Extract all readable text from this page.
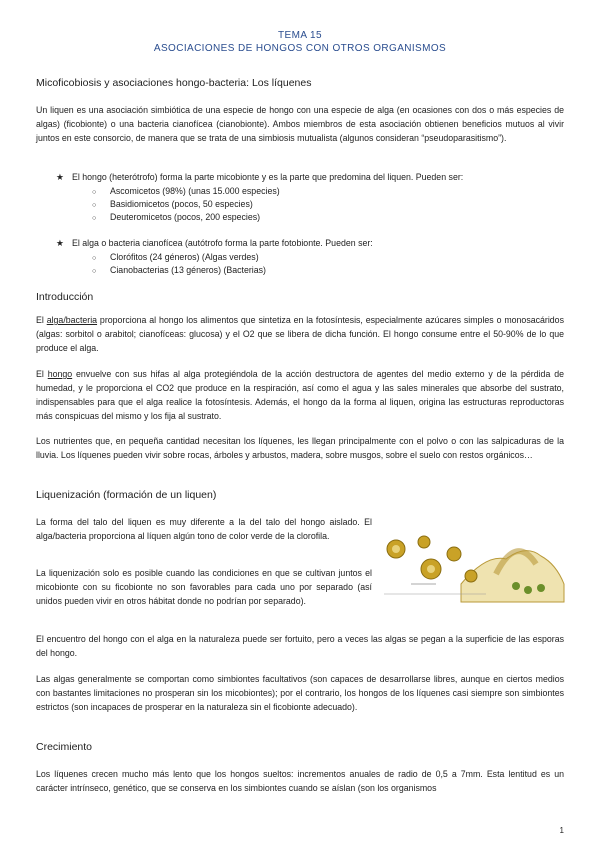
TEMA 15
ASOCIACIONES DE HONGOS CON OTROS ORGANISMOS
Micoficobiosis y asociaciones hongo-bacteria: Los líquenes

Un liquen es una asociación simbiótica de una especie de hongo con una especie de alga (en ocasiones con dos o más especies de algas) (ficobionte) o una bacteria cianofícea (cianobionte). Ambos miembros de esta asociación obtienen beneficios mutuos al vivir juntos en este consorcio, de manera que se trata de una simbiosis mutualista (algunos consideran “pseudoparasitismo”).

★ El hongo (heterótrofo) forma la parte micobionte y es la parte que predomina del liquen. Pueden ser:
○ Ascomicetos (98%) (unas 15.000 especies)
○ Basidiomicetos (pocos, 50 especies)
○ Deuteromicetos (pocos, 200 especies)
★ El alga o bacteria cianofícea (autótrofo forma la parte fotobionte. Pueden ser:
○ Clorófitos (24 géneros) (Algas verdes)
○ Cianobacterias (13 géneros) (Bacterias)
Introducción

El alga/bacteria proporciona al hongo los alimentos que sintetiza en la fotosíntesis, especialmente azúcares simples o monosacáridos (algas: sorbitol o arabitol; cianofíceas: glucosa) y el O2 que se libera de dicha función. El hongo consume entre el 50-90% de lo que produce el alga.

El hongo envuelve con sus hifas al alga protegiéndola de la acción destructora de agentes del medio externo y de la pérdida de humedad, y le proporciona el CO2 que produce en la respiración, así como el agua y las sales minerales que absorbe del sustrato, indispensables para que el alga realice la fotosíntesis. Además, el hongo da la forma al liquen, origina las estructuras reproductoras más conspicuas del mismo y los fija al sustrato.

Los nutrientes que, en pequeña cantidad necesitan los líquenes, les llegan principalmente con el polvo o con las salpicaduras de la lluvia. Los líquenes pueden vivir sobre rocas, árboles y arbustos, madera, sobre musgos, sobre el suelo con restos orgánicos…

Liquenización (formación de un liquen)

La forma del talo del liquen es muy diferente a la del talo del hongo aislado. El alga/bacteria proporciona al líquen algún tono de color verde de la clorofila.

La liquenización solo es posible cuando las condiciones en que se cultivan juntos el micobionte con su ficobionte no son favorables para cada uno por separado (así unidos pueden vivir en otros hábitat donde no podrían por separado).

El encuentro del hongo con el alga en la naturaleza puede ser fortuito, pero a veces las algas se pegan a la superficie de las esporas del hongo.

Las algas generalmente se comportan como simbiontes facultativos (son capaces de desarrollarse libres, aunque en ciertos medios con bastantes limitaciones no prosperan sin los micobiontes); por el contrario, los hongos de los líquenes casi siempre son simbiontes estrictos (son incapaces de prosperar en la naturaleza sin el ficobionte adecuado).

Crecimiento

Los líquenes crecen mucho más lento que los hongos sueltos: incrementos anuales de radio de 0,5 a 7mm. Esta lentitud es un carácter intrínseco, genético, que se conserva en los simbiontes cuando se aíslan (son los organismos

1
